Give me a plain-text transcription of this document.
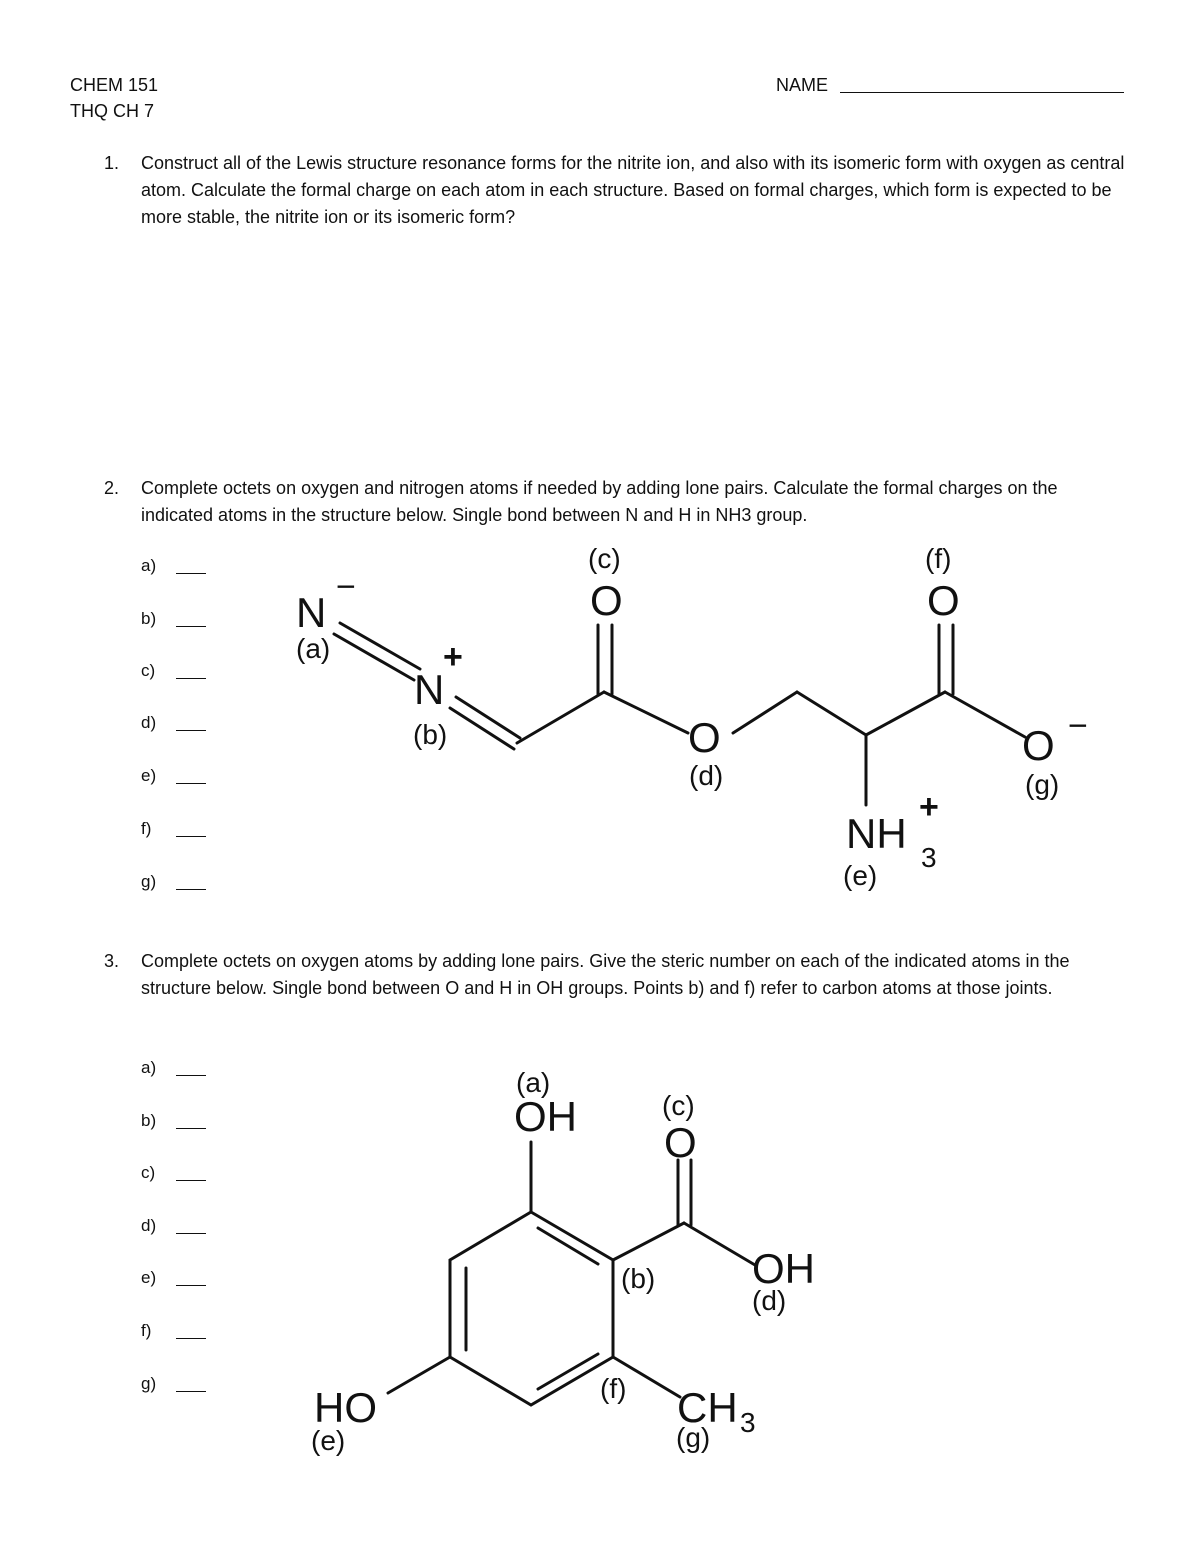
CHEM 151
THQ CH 7
NAME
1.	Construct all of the Lewis structure resonance forms for the nitrite ion, and also with its isomeric form with oxygen as central atom. Calculate the formal charge on each atom in each structure. Based on formal charges, which form is expected to be more stable, the nitrite ion or its isomeric form?
2.	Complete octets on oxygen and nitrogen atoms if needed by adding lone pairs. Calculate the formal charges on the indicated atoms in the structure below. Single bond between N and H in NH3 group.
a)
b)
c)
d)
e)
f)
g)
N
−
(a)
N
+
(b)
(c)
O
O
(d)
(f)
O
O −
(g)
NH
3
+
(e)
3.	Complete octets on oxygen atoms by adding lone pairs. Give the steric number on each of the indicated atoms in the structure below. Single bond between O and H in OH groups. Points b) and f) refer to carbon atoms at those joints.
a)
b)
c)
d)
e)
f)
g)
(a)
OH	(c)
O
OH
(d)
(b)
(f) CH 3
(g)
HO
(e)
